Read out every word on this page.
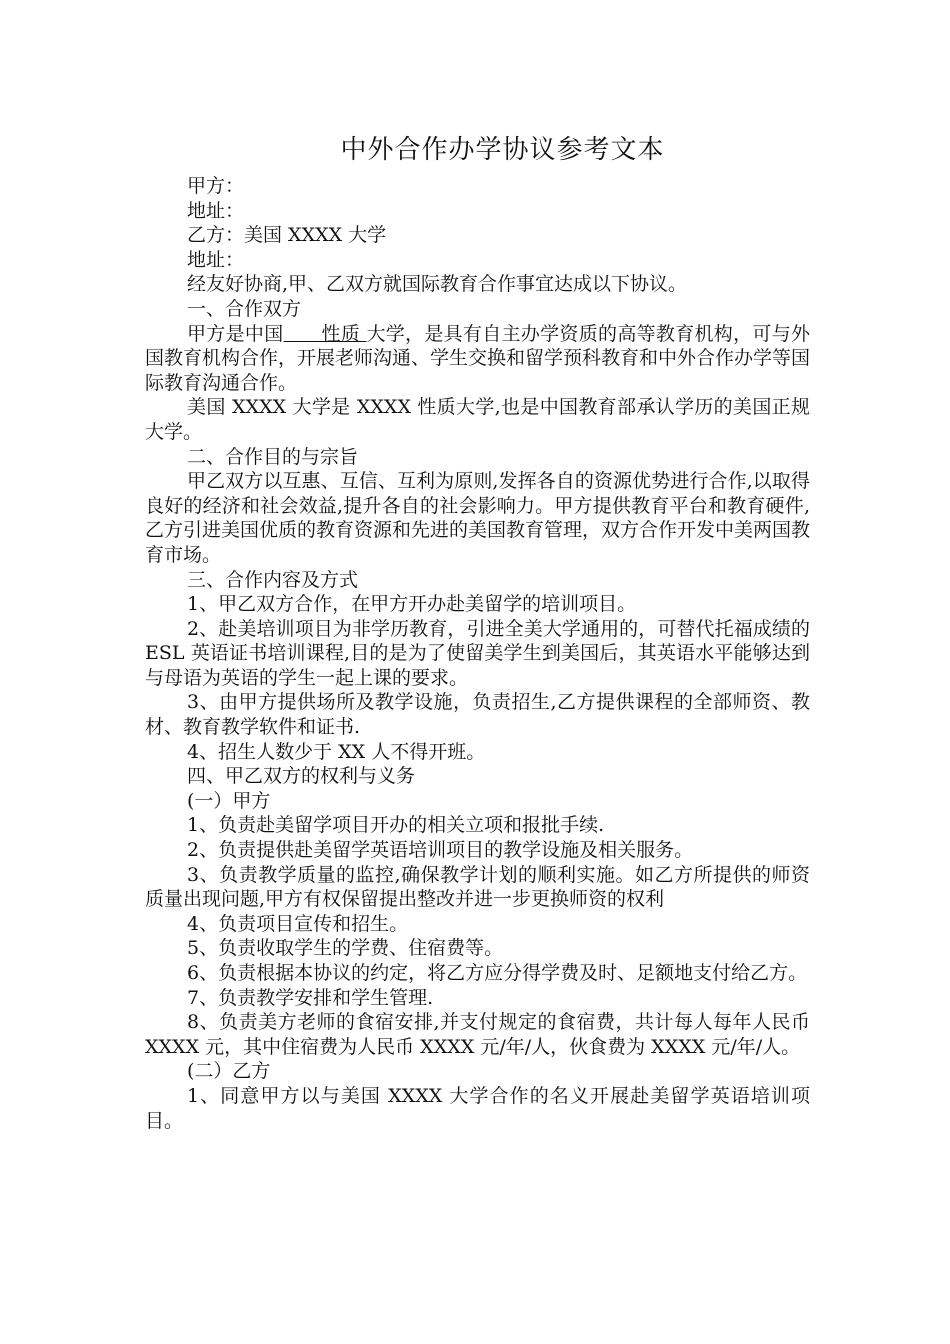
中外合作办学协议参考文本

甲方：

地址：

乙方：美国 XXXX 大学

地址：

经友好协商,甲、乙双方就国际教育合作事宜达成以下协议。

一、合作双方

甲方是中国      性质 大学，是具有自主办学资质的高等教育机构，可与外国教育机构合作，开展老师沟通、学生交换和留学预科教育和中外合作办学等国际教育沟通合作。

美国 XXXX 大学是 XXXX 性质大学,也是中国教育部承认学历的美国正规大学。

二、合作目的与宗旨

甲乙双方以互惠、互信、互利为原则,发挥各自的资源优势进行合作,以取得良好的经济和社会效益,提升各自的社会影响力。甲方提供教育平台和教育硬件,乙方引进美国优质的教育资源和先进的美国教育管理，双方合作开发中美两国教育市场。

三、合作内容及方式

1、甲乙双方合作，在甲方开办赴美留学的培训项目。

2、赴美培训项目为非学历教育，引进全美大学通用的，可替代托福成绩的 ESL 英语证书培训课程,目的是为了使留美学生到美国后，其英语水平能够达到与母语为英语的学生一起上课的要求。

3、由甲方提供场所及教学设施，负责招生,乙方提供课程的全部师资、教材、教育教学软件和证书.

4、招生人数少于 XX 人不得开班。

四、甲乙双方的权利与义务

(一）甲方

1、负责赴美留学项目开办的相关立项和报批手续.

2、负责提供赴美留学英语培训项目的教学设施及相关服务。

3、负责教学质量的监控,确保教学计划的顺利实施。如乙方所提供的师资质量出现问题,甲方有权保留提出整改并进一步更换师资的权利

4、负责项目宣传和招生。

5、负责收取学生的学费、住宿费等。

6、负责根据本协议的约定，将乙方应分得学费及时、足额地支付给乙方。

7、负责教学安排和学生管理.

8、负责美方老师的食宿安排,并支付规定的食宿费，共计每人每年人民币 XXXX 元，其中住宿费为人民币 XXXX 元/年/人，伙食费为 XXXX 元/年/人。

(二）乙方

1、同意甲方以与美国 XXXX 大学合作的名义开展赴美留学英语培训项目。
